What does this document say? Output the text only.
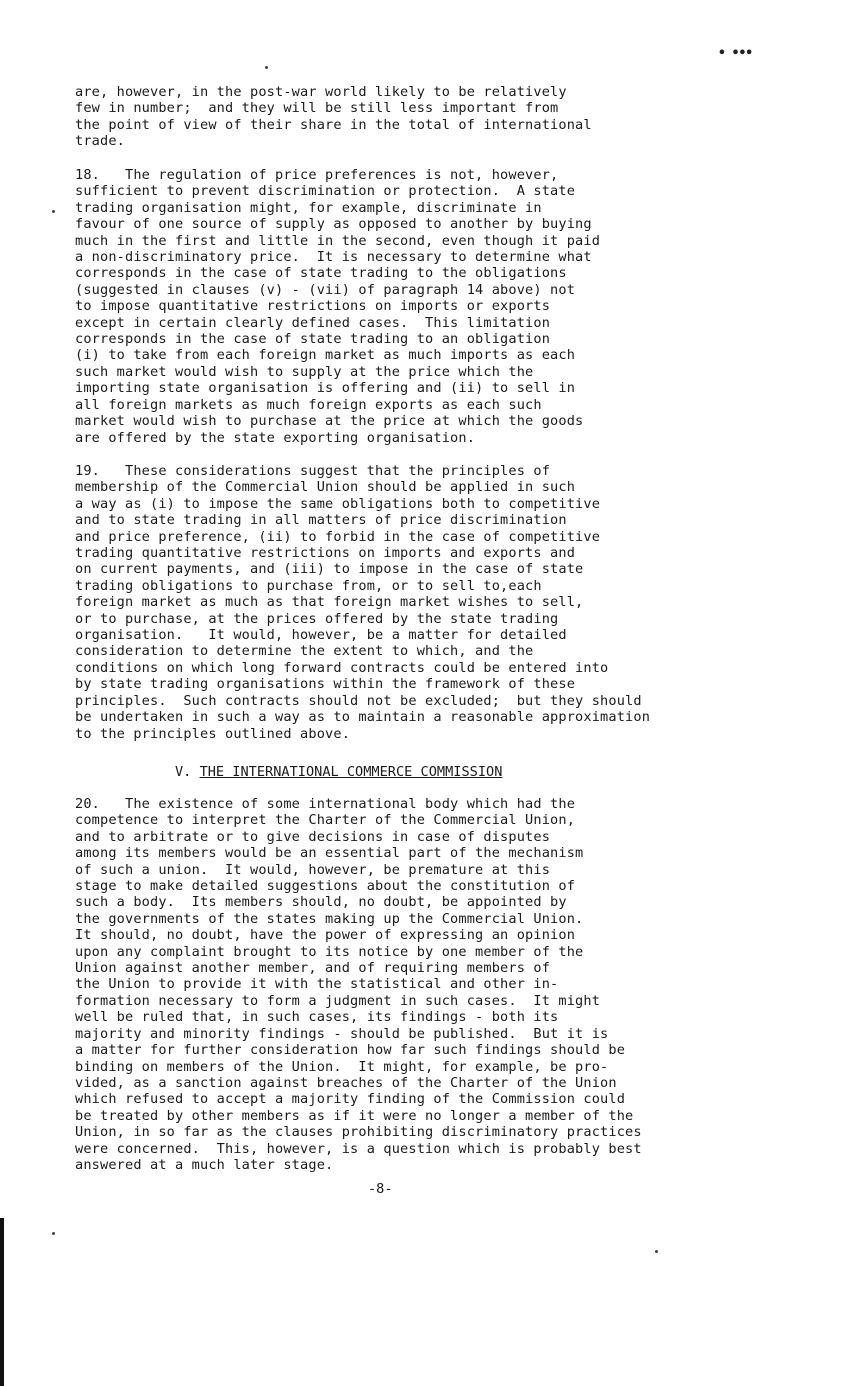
• •••

are, however, in the post-war world likely to be relatively
few in number;  and they will be still less important from
the point of view of their share in the total of international
trade.

18.   The regulation of price preferences is not, however,
sufficient to prevent discrimination or protection.  A state
trading organisation might, for example, discriminate in
favour of one source of supply as opposed to another by buying
much in the first and little in the second, even though it paid
a non-discriminatory price.  It is necessary to determine what
corresponds in the case of state trading to the obligations
(suggested in clauses (v) - (vii) of paragraph 14 above) not
to impose quantitative restrictions on imports or exports
except in certain clearly defined cases.  This limitation
corresponds in the case of state trading to an obligation
(i) to take from each foreign market as much imports as each
such market would wish to supply at the price which the
importing state organisation is offering and (ii) to sell in
all foreign markets as much foreign exports as each such
market would wish to purchase at the price at which the goods
are offered by the state exporting organisation.

19.   These considerations suggest that the principles of
membership of the Commercial Union should be applied in such
a way as (i) to impose the same obligations both to competitive
and to state trading in all matters of price discrimination
and price preference, (ii) to forbid in the case of competitive
trading quantitative restrictions on imports and exports and
on current payments, and (iii) to impose in the case of state
trading obligations to purchase from, or to sell to,each
foreign market as much as that foreign market wishes to sell,
or to purchase, at the prices offered by the state trading
organisation.   It would, however, be a matter for detailed
consideration to determine the extent to which, and the
conditions on which long forward contracts could be entered into
by state trading organisations within the framework of these
principles.  Such contracts should not be excluded;  but they should
be undertaken in such a way as to maintain a reasonable approximation
to the principles outlined above.

V. THE INTERNATIONAL COMMERCE COMMISSION

20.   The existence of some international body which had the
competence to interpret the Charter of the Commercial Union,
and to arbitrate or to give decisions in case of disputes
among its members would be an essential part of the mechanism
of such a union.  It would, however, be premature at this
stage to make detailed suggestions about the constitution of
such a body.  Its members should, no doubt, be appointed by
the governments of the states making up the Commercial Union.
It should, no doubt, have the power of expressing an opinion
upon any complaint brought to its notice by one member of the
Union against another member, and of requiring members of
the Union to provide it with the statistical and other in-
formation necessary to form a judgment in such cases.  It might
well be ruled that, in such cases, its findings - both its
majority and minority findings - should be published.  But it is
a matter for further consideration how far such findings should be
binding on members of the Union.  It might, for example, be pro-
vided, as a sanction against breaches of the Charter of the Union
which refused to accept a majority finding of the Commission could
be treated by other members as if it were no longer a member of the
Union, in so far as the clauses prohibiting discriminatory practices
were concerned.  This, however, is a question which is probably best
answered at a much later stage.

-8-
